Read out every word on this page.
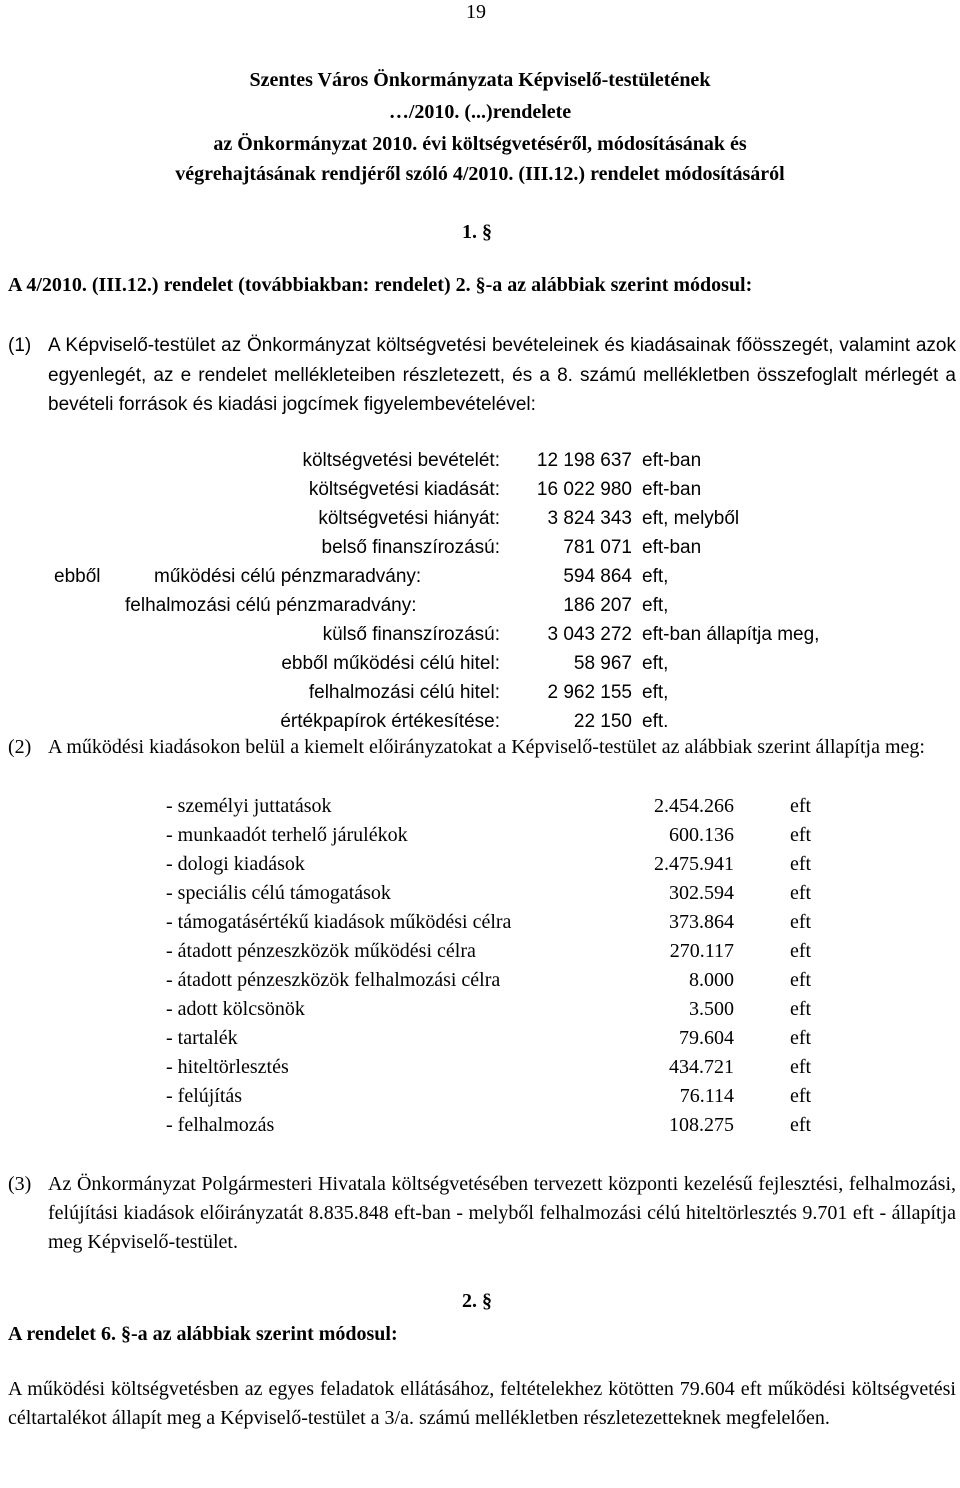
19
Szentes Város Önkormányzata Képviselő-testületének
…/2010. (...)rendelete
az Önkormányzat 2010. évi költségvetéséről, módosításának és
végrehajtásának rendjéről szóló 4/2010. (III.12.) rendelet módosításáról
1. §
A 4/2010. (III.12.) rendelet (továbbiakban: rendelet) 2. §-a az alábbiak szerint módosul:
(1) A Képviselő-testület az Önkormányzat költségvetési bevételeinek és kiadásainak főösszegét, valamint azok egyenlegét, az e rendelet mellékleteiben részletezett, és a 8. számú mellékletben összefoglalt mérlegét a bevételi források és kiadási jogcímek figyelembevételével:
költségvetési bevételét: 12 198 637 eft-ban
költségvetési kiadását: 16 022 980 eft-ban
költségvetési hiányát: 3 824 343 eft, melyből
belső finanszírozású:	781 071 eft-ban
ebből	működési célú pénzmaradvány:	594 864 eft,
felhalmozási célú pénzmaradvány:	186 207 eft,
külső finanszírozású: 3 043 272 eft-ban állapítja meg,
ebből működési célú hitel:	58 967 eft,
felhalmozási célú hitel: 2 962 155 eft,
értékpapírok értékesítése:	22 150 eft.
(2) A működési kiadásokon belül a kiemelt előirányzatokat a Képviselő-testület az alábbiak szerint állapítja meg:
- személyi juttatások	2.454.266	eft
- munkaadót terhelő járulékok	600.136	eft
- dologi kiadások	2.475.941	eft
- speciális célú támogatások	302.594	eft
- támogatásértékű kiadások működési célra	373.864	eft
- átadott pénzeszközök működési célra	270.117	eft
- átadott pénzeszközök felhalmozási célra	8.000	eft
- adott kölcsönök	3.500	eft
- tartalék	79.604	eft
- hiteltörlesztés	434.721	eft
- felújítás	76.114	eft
- felhalmozás	108.275	eft
(3) Az Önkormányzat Polgármesteri Hivatala költségvetésében tervezett központi kezelésű fejlesztési, felhalmozási, felújítási kiadások előirányzatát 8.835.848 eft-ban - melyből felhalmozási célú hiteltörlesztés 9.701 eft - állapítja meg Képviselő-testület.
2. §
A rendelet 6. §-a az alábbiak szerint módosul:
A működési költségvetésben az egyes feladatok ellátásához, feltételekhez kötötten 79.604 eft működési költségvetési céltartalékot állapít meg a Képviselő-testület a 3/a. számú mellékletben részletezetteknek megfelelően.
